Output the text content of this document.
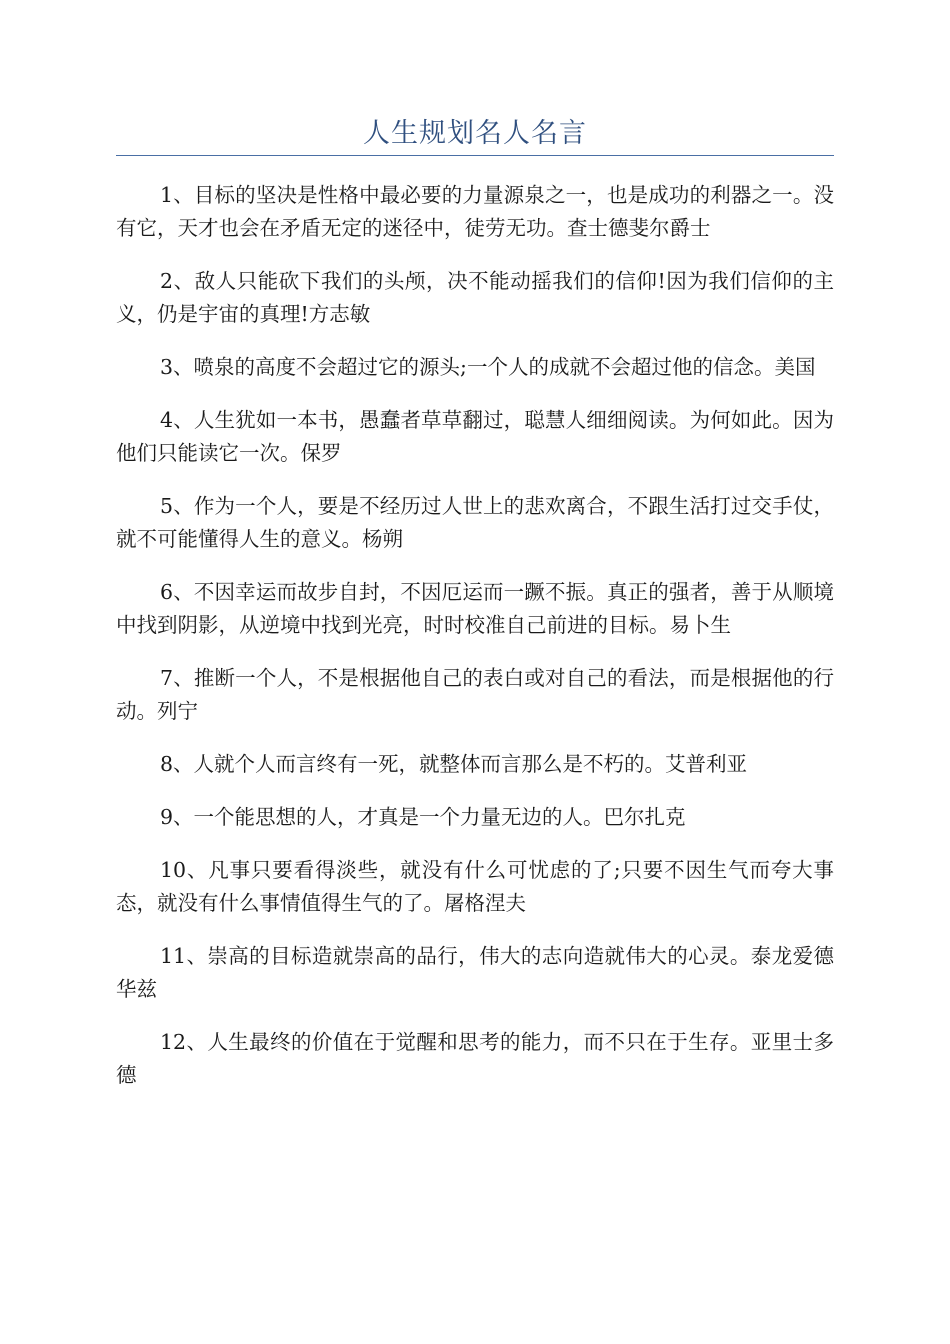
人生规划名人名言

1、目标的坚决是性格中最必要的力量源泉之一，也是成功的利器之一。没有它，天才也会在矛盾无定的迷径中，徒劳无功。查士德斐尔爵士

2、敌人只能砍下我们的头颅，决不能动摇我们的信仰!因为我们信仰的主义，仍是宇宙的真理!方志敏

3、喷泉的高度不会超过它的源头;一个人的成就不会超过他的信念。美国

4、人生犹如一本书，愚蠢者草草翻过，聪慧人细细阅读。为何如此。因为他们只能读它一次。保罗

5、作为一个人，要是不经历过人世上的悲欢离合，不跟生活打过交手仗，就不可能懂得人生的意义。杨朔

6、不因幸运而故步自封，不因厄运而一蹶不振。真正的强者，善于从顺境中找到阴影，从逆境中找到光亮，时时校准自己前进的目标。易卜生

7、推断一个人，不是根据他自己的表白或对自己的看法，而是根据他的行动。列宁

8、人就个人而言终有一死，就整体而言那么是不朽的。艾普利亚

9、一个能思想的人，才真是一个力量无边的人。巴尔扎克

10、凡事只要看得淡些，就没有什么可忧虑的了;只要不因生气而夸大事态，就没有什么事情值得生气的了。屠格涅夫

11、崇高的目标造就崇高的品行，伟大的志向造就伟大的心灵。泰龙爱德华兹

12、人生最终的价值在于觉醒和思考的能力，而不只在于生存。亚里士多德
